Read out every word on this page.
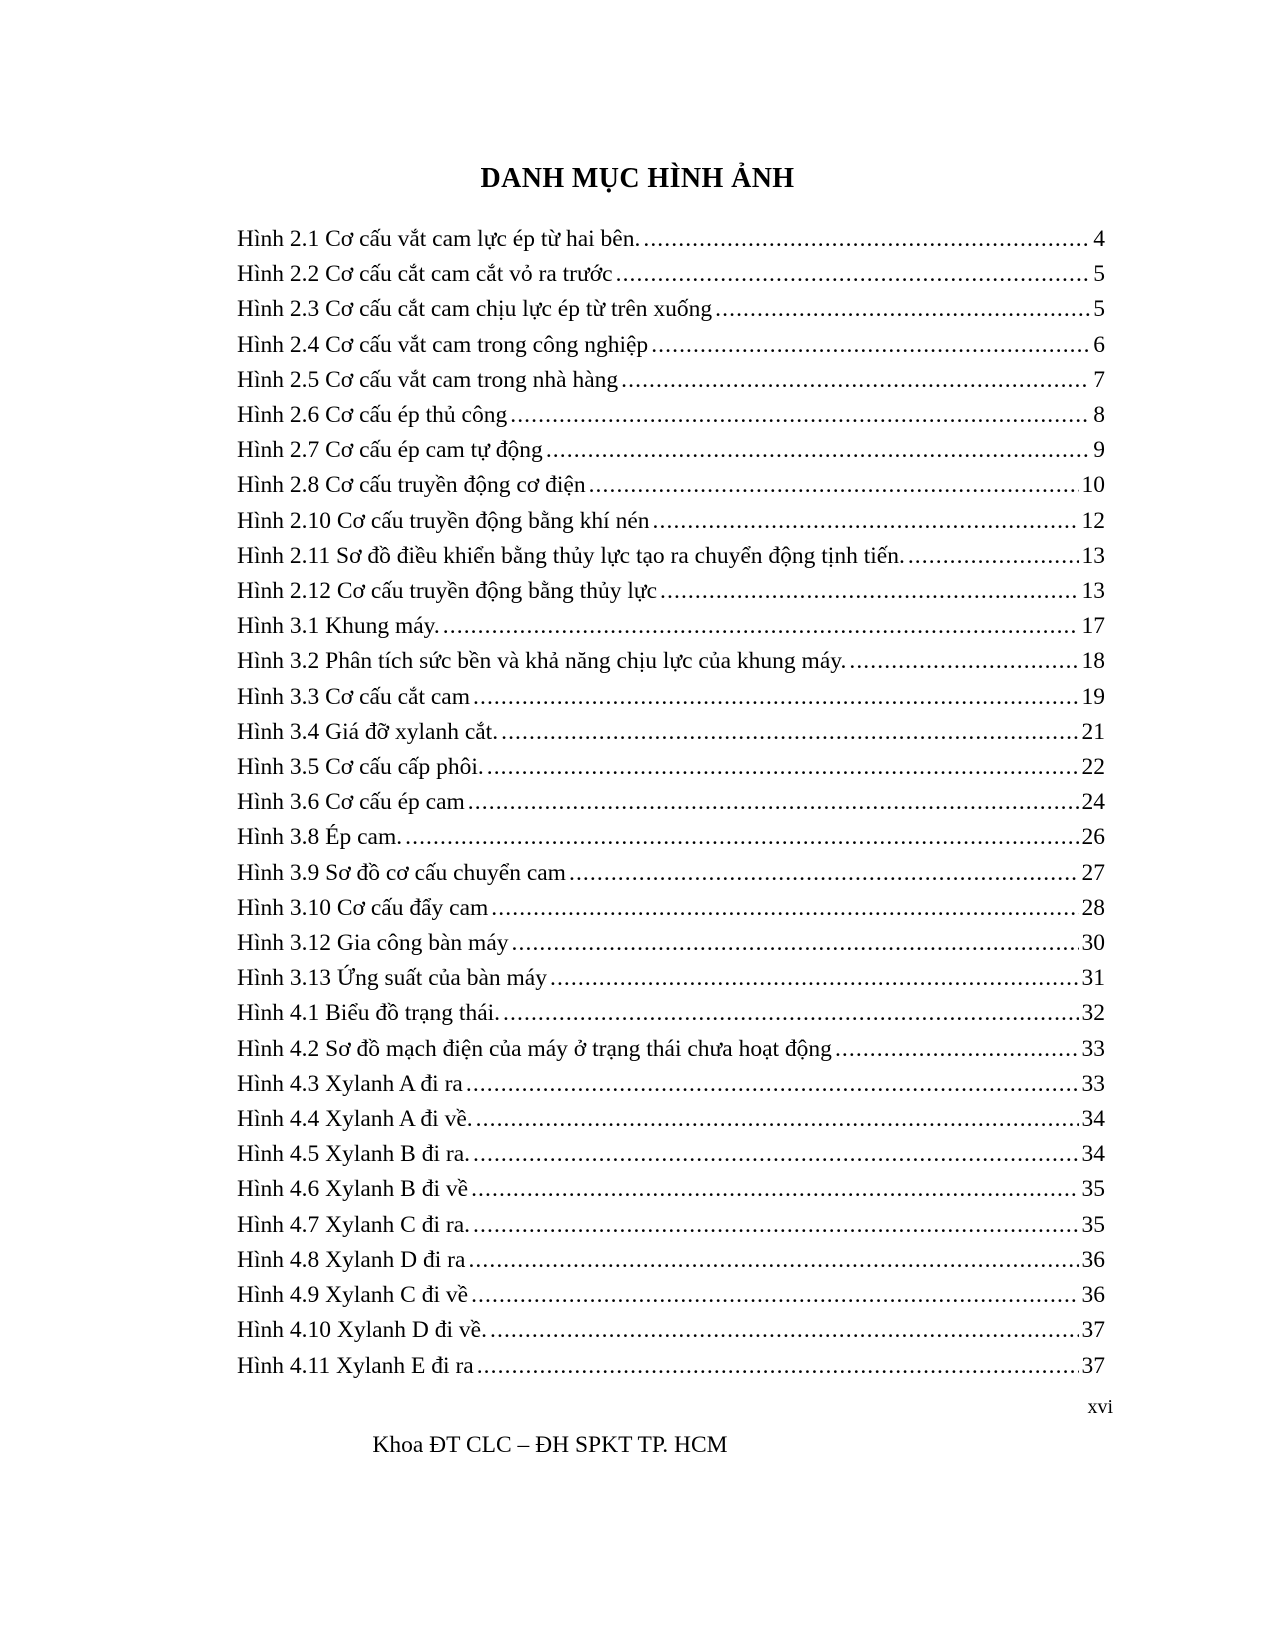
DANH MỤC HÌNH ẢNH
Hình 2.1 Cơ cấu vắt cam lực ép từ hai bên. .....	4
Hình 2.2 Cơ cấu cắt cam cắt vỏ ra trước .....	5
Hình 2.3 Cơ cấu cắt cam chịu lực ép từ trên xuống .....	5
Hình 2.4 Cơ cấu vắt cam trong công nghiệp .....	6
Hình 2.5 Cơ cấu vắt cam trong nhà hàng .....	7
Hình 2.6 Cơ cấu ép thủ công .....	8
Hình 2.7 Cơ cấu ép cam tự động .....	9
Hình 2.8 Cơ cấu truyền động cơ điện .....	10
Hình 2.10 Cơ cấu truyền động bằng khí nén .....	12
Hình 2.11 Sơ đồ điều khiển bằng thủy lực tạo ra chuyển động tịnh tiến. .....	13
Hình 2.12 Cơ cấu truyền động bằng thủy lực .....	13
Hình 3.1 Khung máy. .....	17
Hình 3.2 Phân tích sức bền và khả năng chịu lực của khung máy. .....	18
Hình 3.3 Cơ cấu cắt cam .....	19
Hình 3.4 Giá đỡ xylanh cắt. .....	21
Hình 3.5 Cơ cấu cấp phôi. .....	22
Hình 3.6 Cơ cấu ép cam .....	24
Hình 3.8 Ép cam. .....	26
Hình 3.9 Sơ đồ cơ cấu chuyển cam .....	27
Hình 3.10 Cơ cấu đẩy cam .....	28
Hình 3.12 Gia công bàn máy .....	30
Hình 3.13 Ứng suất của bàn máy .....	31
Hình 4.1 Biểu đồ trạng thái. .....	32
Hình 4.2 Sơ đồ mạch điện của máy ở trạng thái chưa hoạt động .....	33
Hình 4.3 Xylanh A đi ra .....	33
Hình 4.4 Xylanh A đi về. .....	34
Hình 4.5 Xylanh B đi ra. .....	34
Hình 4.6 Xylanh B đi về .....	35
Hình 4.7 Xylanh C đi ra. .....	35
Hình 4.8 Xylanh D đi ra .....	36
Hình 4.9 Xylanh C đi về .....	36
Hình 4.10 Xylanh D đi về. .....	37
Hình 4.11 Xylanh E đi ra .....	37
xvi
Khoa ĐT CLC – ĐH SPKT TP. HCM
